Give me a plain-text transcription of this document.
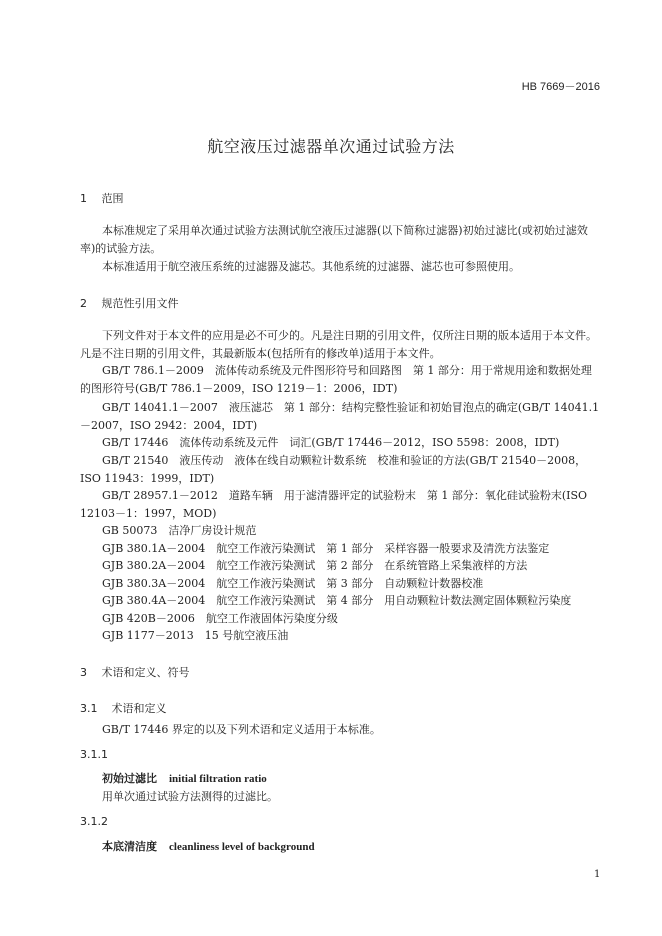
HB 7669－2016
航空液压过滤器单次通过试验方法
1 范围
本标准规定了采用单次通过试验方法测试航空液压过滤器(以下简称过滤器)初始过滤比(或初始过滤效率)的试验方法。
本标准适用于航空液压系统的过滤器及滤芯。其他系统的过滤器、滤芯也可参照使用。
2 规范性引用文件
下列文件对于本文件的应用是必不可少的。凡是注日期的引用文件，仅所注日期的版本适用于本文件。凡是不注日期的引用文件，其最新版本(包括所有的修改单)适用于本文件。
GB/T 786.1－2009　流体传动系统及元件图形符号和回路图　第 1 部分：用于常规用途和数据处理的图形符号(GB/T 786.1－2009，ISO 1219－1：2006，IDT)
GB/T 14041.1－2007　液压滤芯　第 1 部分：结构完整性验证和初始冒泡点的确定(GB/T 14041.1－2007，ISO 2942：2004，IDT)
GB/T 17446　流体传动系统及元件　词汇(GB/T 17446－2012，ISO 5598：2008，IDT)
GB/T 21540　液压传动　液体在线自动颗粒计数系统　校准和验证的方法(GB/T 21540－2008，ISO 11943：1999，IDT)
GB/T 28957.1－2012　道路车辆　用于滤清器评定的试验粉末　第 1 部分：氧化硅试验粉末(ISO 12103－1：1997，MOD)
GB 50073　洁净厂房设计规范
GJB 380.1A－2004　航空工作液污染测试　第 1 部分　采样容器一般要求及清洗方法鉴定
GJB 380.2A－2004　航空工作液污染测试　第 2 部分　在系统管路上采集液样的方法
GJB 380.3A－2004　航空工作液污染测试　第 3 部分　自动颗粒计数器校准
GJB 380.4A－2004　航空工作液污染测试　第 4 部分　用自动颗粒计数法测定固体颗粒污染度
GJB 420B－2006　航空工作液固体污染度分级
GJB 1177－2013　15 号航空液压油
3 术语和定义、符号
3.1 术语和定义
GB/T 17446 界定的以及下列术语和定义适用于本标准。
3.1.1
初始过滤比 initial filtration ratio
用单次通过试验方法测得的过滤比。
3.1.2
本底清洁度 cleanliness level of background
1
